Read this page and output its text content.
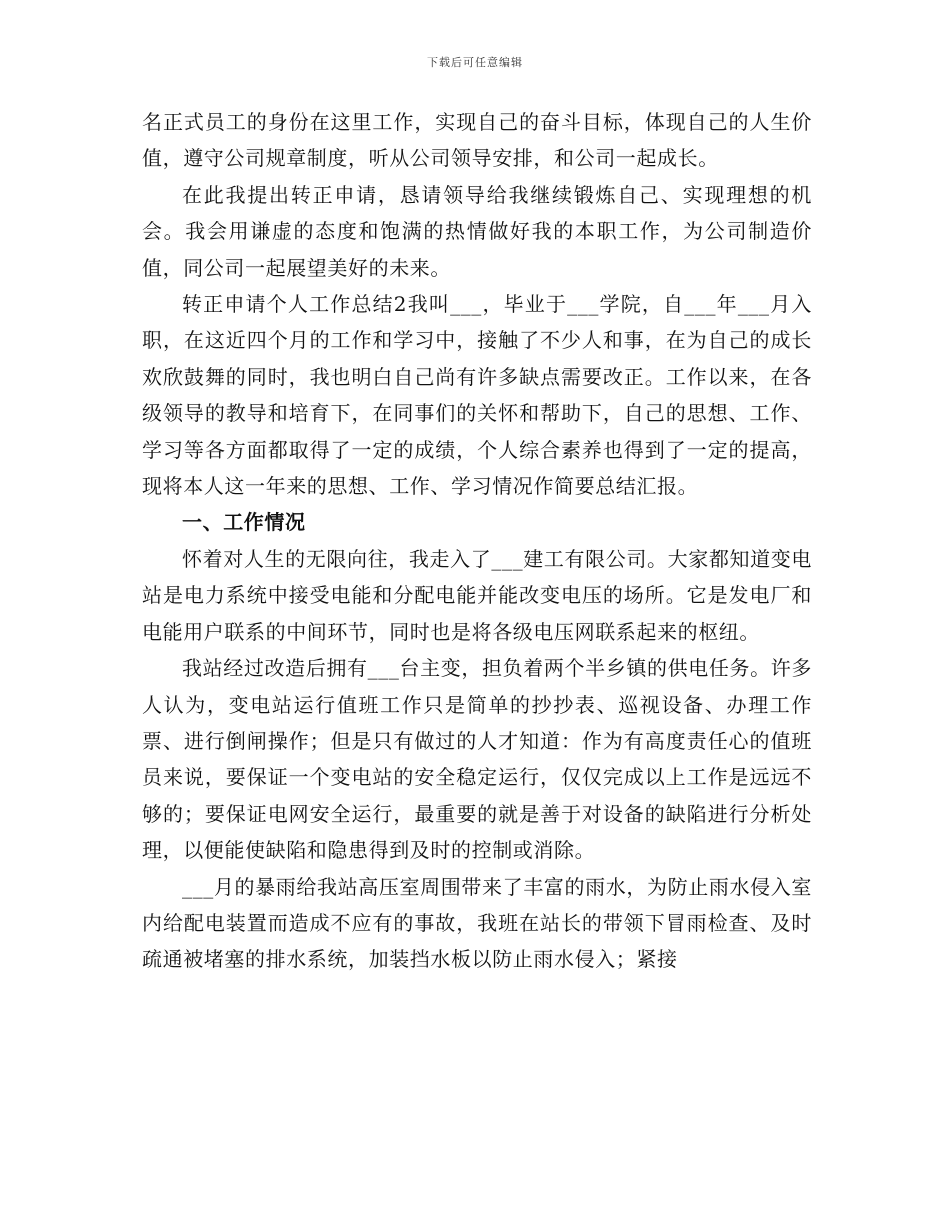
下载后可任意编辑

名正式员工的身份在这里工作，实现自己的奋斗目标，体现自己的人生价值，遵守公司规章制度，听从公司领导安排，和公司一起成长。

在此我提出转正申请，恳请领导给我继续锻炼自己、实现理想的机会。我会用谦虚的态度和饱满的热情做好我的本职工作，为公司制造价值，同公司一起展望美好的未来。

转正申请个人工作总结2我叫___，毕业于___学院，自___年___月入职，在这近四个月的工作和学习中，接触了不少人和事，在为自己的成长欢欣鼓舞的同时，我也明白自己尚有许多缺点需要改正。工作以来，在各级领导的教导和培育下，在同事们的关怀和帮助下，自己的思想、工作、学习等各方面都取得了一定的成绩，个人综合素养也得到了一定的提高，现将本人这一年来的思想、工作、学习情况作简要总结汇报。

一、工作情况

怀着对人生的无限向往，我走入了___建工有限公司。大家都知道变电站是电力系统中接受电能和分配电能并能改变电压的场所。它是发电厂和电能用户联系的中间环节，同时也是将各级电压网联系起来的枢纽。

我站经过改造后拥有___台主变，担负着两个半乡镇的供电任务。许多人认为，变电站运行值班工作只是简单的抄抄表、巡视设备、办理工作票、进行倒闸操作；但是只有做过的人才知道：作为有高度责任心的值班员来说，要保证一个变电站的安全稳定运行，仅仅完成以上工作是远远不够的；要保证电网安全运行，最重要的就是善于对设备的缺陷进行分析处理，以便能使缺陷和隐患得到及时的控制或消除。

___月的暴雨给我站高压室周围带来了丰富的雨水，为防止雨水侵入室内给配电装置而造成不应有的事故，我班在站长的带领下冒雨检查、及时疏通被堵塞的排水系统，加装挡水板以防止雨水侵入；紧接
